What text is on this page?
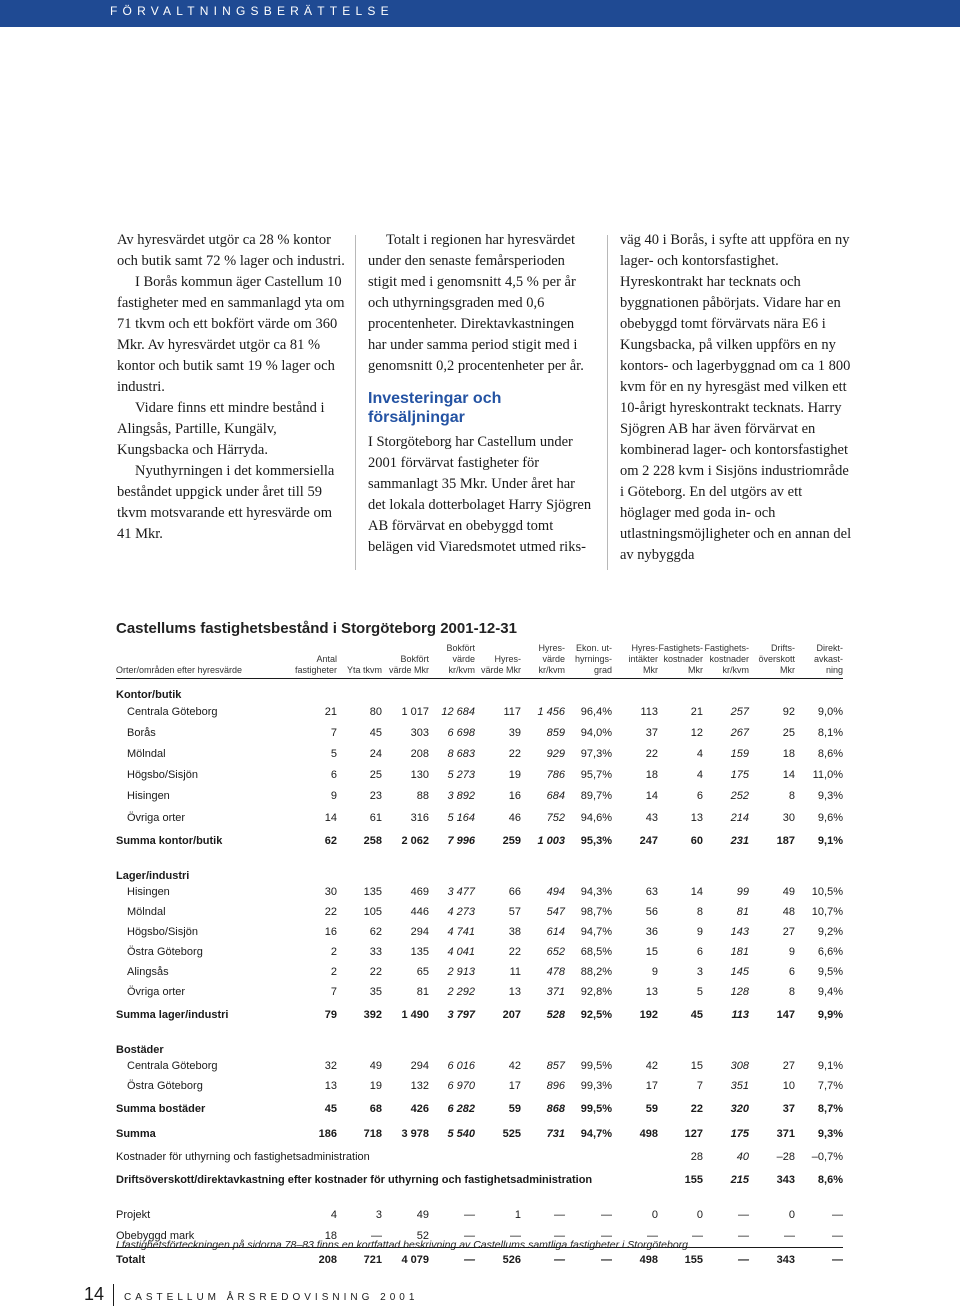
FÖRVALTNINGSBERÄTTELSE

Av hyresvärdet utgör ca 28 % kontor och butik samt 72 % lager och industri.

I Borås kommun äger Castellum 10 fastigheter med en sammanlagd yta om 71 tkvm och ett bokfört värde om 360 Mkr. Av hyresvärdet utgör ca 81 % kontor och butik samt 19 % lager och industri.

Vidare finns ett mindre bestånd i Alingsås, Partille, Kungälv, Kungsbacka och Härryda.

Nyuthyrningen i det kommersiella beståndet uppgick under året till 59 tkvm motsvarande ett hyresvärde om 41 Mkr.

Totalt i regionen har hyresvärdet under den senaste femårsperioden stigit med i genomsnitt 4,5 % per år och uthyrningsgraden med 0,6 procentenheter. Direktavkastningen har under samma period stigit med i genomsnitt 0,2 procentenheter per år.

Investeringar och försäljningar

I Storgöteborg har Castellum under 2001 förvärvat fastigheter för sammanlagt 35 Mkr. Under året har det lokala dotterbolaget Harry Sjögren AB förvärvat en obebyggd tomt belägen vid Viaredsmotet utmed riks-

väg 40 i Borås, i syfte att uppföra en ny lager- och kontorsfastighet. Hyreskontrakt har tecknats och byggnationen påbörjats. Vidare har en obebyggd tomt förvärvats nära E6 i Kungsbacka, på vilken uppförs en ny kontors- och lagerbyggnad om ca 1 800 kvm för en ny hyresgäst med vilken ett 10-årigt hyreskontrakt tecknats. Harry Sjögren AB har även förvärvat en kombinerad lager- och kontorsfastighet om 2 228 kvm i Sisjöns industriområde i Göteborg. En del utgörs av ett höglager med goda in- och utlastningsmöjligheter och en annan del av nybyggda

Castellums fastighetsbestånd i Storgöteborg 2001-12-31
Orter/områden efter hyresvärde	Antal fastigheter	Yta tkvm	Bokfört värde Mkr	Bokfört värde kr/kvm	Hyres- värde Mkr	Hyres- värde kr/kvm	Ekon. ut- hyrnings- grad	Hyres- intäkter Mkr	Fastighets- kostnader Mkr	Fastighets- kostnader kr/kvm	Drifts- överskott Mkr	Direkt- avkast- ning
Kontor/butik												
Centrala Göteborg	21	80	1 017	12 684	117	1 456	96,4%	113	21	257	92	9,0%
Borås	7	45	303	6 698	39	859	94,0%	37	12	267	25	8,1%
Mölndal	5	24	208	8 683	22	929	97,3%	22	4	159	18	8,6%
Högsbo/Sisjön	6	25	130	5 273	19	786	95,7%	18	4	175	14	11,0%
Hisingen	9	23	88	3 892	16	684	89,7%	14	6	252	8	9,3%
Övriga orter	14	61	316	5 164	46	752	94,6%	43	13	214	30	9,6%
Summa kontor/butik	62	258	2 062	7 996	259	1 003	95,3%	247	60	231	187	9,1%

Lager/industri												
Hisingen	30	135	469	3 477	66	494	94,3%	63	14	99	49	10,5%
Mölndal	22	105	446	4 273	57	547	98,7%	56	8	81	48	10,7%
Högsbo/Sisjön	16	62	294	4 741	38	614	94,7%	36	9	143	27	9,2%
Östra Göteborg	2	33	135	4 041	22	652	68,5%	15	6	181	9	6,6%
Alingsås	2	22	65	2 913	11	478	88,2%	9	3	145	6	9,5%
Övriga orter	7	35	81	2 292	13	371	92,8%	13	5	128	8	9,4%
Summa lager/industri	79	392	1 490	3 797	207	528	92,5%	192	45	113	147	9,9%

Bostäder												
Centrala Göteborg	32	49	294	6 016	42	857	99,5%	42	15	308	27	9,1%
Östra Göteborg	13	19	132	6 970	17	896	99,3%	17	7	351	10	7,7%
Summa bostäder	45	68	426	6 282	59	868	99,5%	59	22	320	37	8,7%
Summa	186	718	3 978	5 540	525	731	94,7%	498	127	175	371	9,3%
Kostnader för uthyrning och fastighetsadministration									28	40	–28	–0,7%
Driftsöverskott/direktavkastning efter kostnader för uthyrning och fastighetsadministration									155	215	343	8,6%

Projekt	4	3	49	—	1	—	—	0	0	—	0	—
Obebyggd mark	18	—	52	—	—	—	—	—	—	—	—	—
Totalt	208	721	4 079	—	526	—	—	498	155	—	343	—
I fastighetsförteckningen på sidorna 78–83 finns en kortfattad beskrivning av Castellums samtliga fastigheter i Storgöteborg.
14 CASTELLUM ÅRSREDOVISNING 2001
